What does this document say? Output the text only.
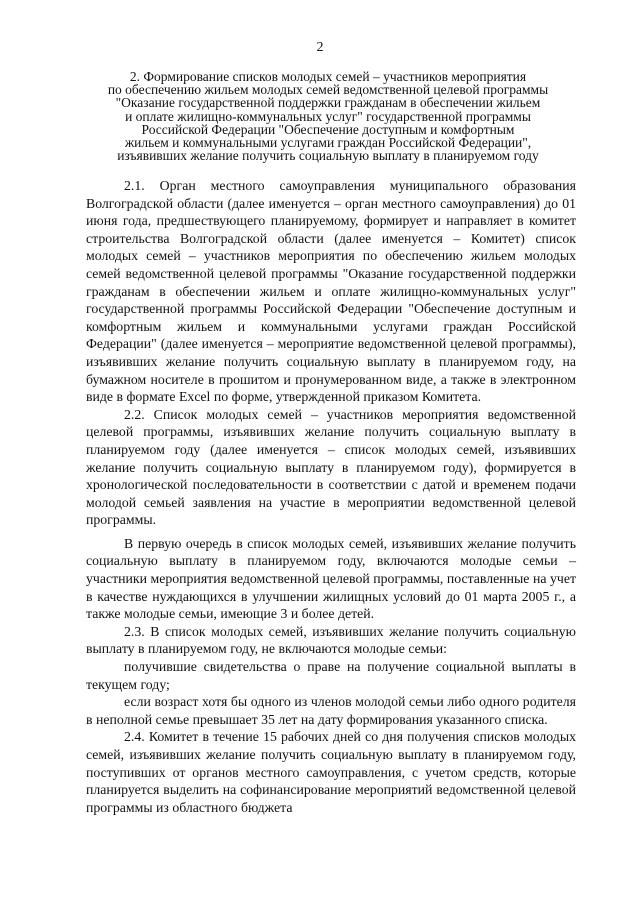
2
2. Формирование списков молодых семей – участников мероприятия
по обеспечению жильем молодых семей ведомственной целевой программы
"Оказание государственной поддержки гражданам в обеспечении жильем
и оплате жилищно-коммунальных услуг" государственной программы
Российской Федерации "Обеспечение доступным и комфортным
жильем и коммунальными услугами граждан Российской Федерации",
изъявивших желание получить социальную выплату в планируемом году

2.1. Орган местного самоуправления муниципального образования Волгоградской области (далее именуется – орган местного самоуправления) до 01 июня года, предшествующего планируемому, формирует и направляет в комитет строительства Волгоградской области (далее именуется – Комитет) список молодых семей – участников мероприятия по обеспечению жильем молодых семей ведомственной целевой программы "Оказание государственной поддержки гражданам в обеспечении жильем и оплате жилищно-коммунальных услуг" государственной программы Российской Федерации "Обеспечение доступным и комфортным жильем и коммунальными услугами граждан Российской Федерации" (далее именуется – мероприятие ведомственной целевой программы), изъявивших желание получить социальную выплату в планируемом году, на бумажном носителе в прошитом и пронумерованном виде, а также в электронном виде в формате Excel по форме, утвержденной приказом Комитета.

2.2. Список молодых семей – участников мероприятия ведомственной целевой программы, изъявивших желание получить социальную выплату в планируемом году (далее именуется – список молодых семей, изъявивших желание получить социальную выплату в планируемом году), формируется в хронологической последовательности в соответствии с датой и временем подачи молодой семьей заявления на участие в мероприятии ведомственной целевой программы.

В первую очередь в список молодых семей, изъявивших желание получить социальную выплату в планируемом году, включаются молодые семьи – участники мероприятия ведомственной целевой программы, поставленные на учет в качестве нуждающихся в улучшении жилищных условий до 01 марта 2005 г., а также молодые семьи, имеющие 3 и более детей.

2.3. В список молодых семей, изъявивших желание получить социальную выплату в планируемом году, не включаются молодые семьи:

получившие свидетельства о праве на получение социальной выплаты в текущем году;

если возраст хотя бы одного из членов молодой семьи либо одного родителя в неполной семье превышает 35 лет на дату формирования указанного списка.

2.4. Комитет в течение 15 рабочих дней со дня получения списков молодых семей, изъявивших желание получить социальную выплату в планируемом году, поступивших от органов местного самоуправления, с учетом средств, которые планируется выделить на софинансирование мероприятий ведомственной целевой программы из областного бюджета
